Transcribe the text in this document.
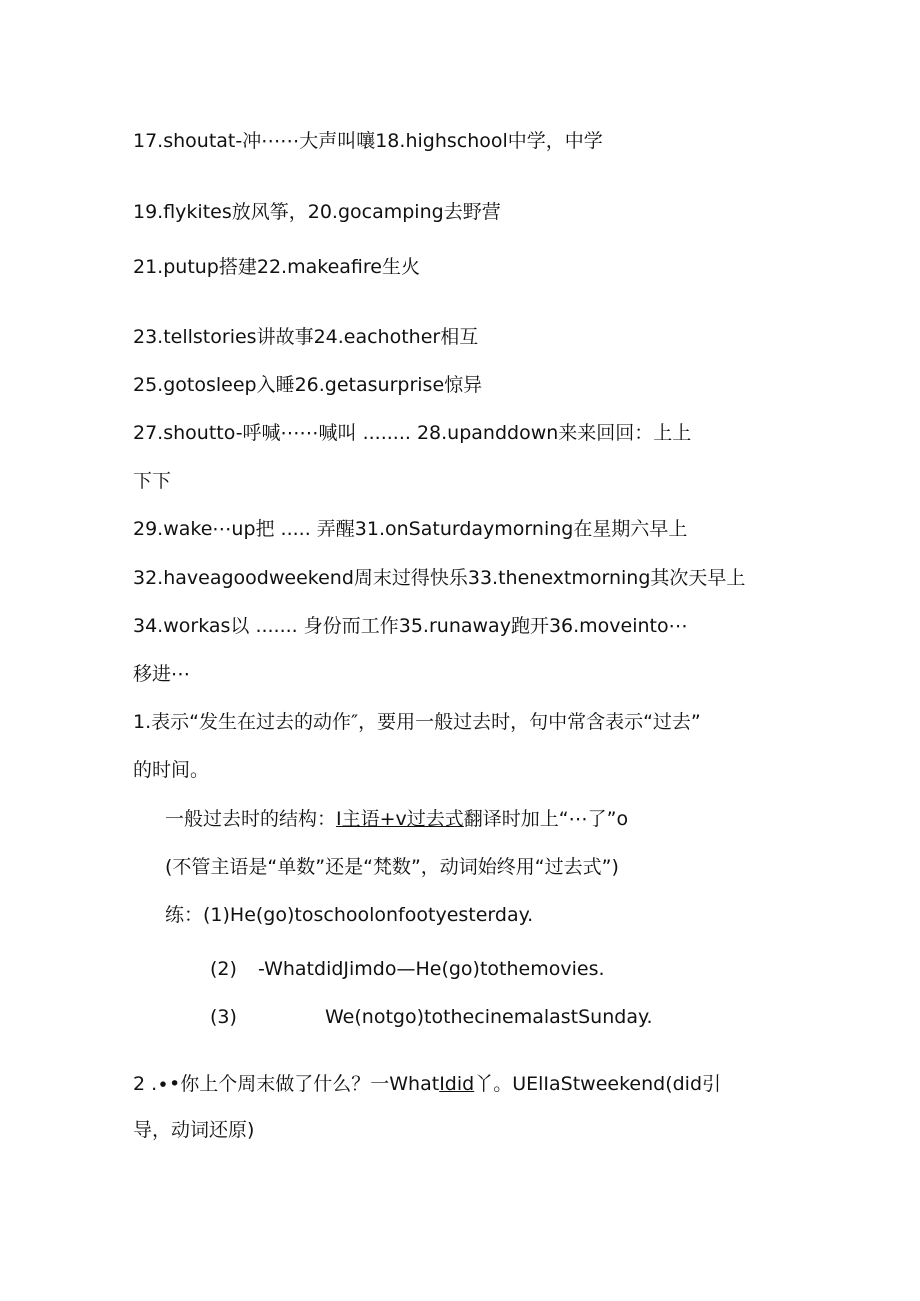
17.shoutat-冲⋯⋯大声叫嚷18.highschool中学，中学

19.flykites放风筝，20.gocamping去野营

21.putup搭建22.makeafire生火

23.tellstories讲故事24.eachother相互

25.gotosleep入睡26.getasurprise惊异

27.shoutto-呼喊⋯⋯喊叫 ........ 28.upanddown来来回回：上上

下下

29.wake⋯up把 ..... 弄醒31.onSaturdaymorning在星期六早上

32.haveagoodweekend周末过得快乐33.thenextmorning其次天早上

34.workas以 ....... 身份而工作35.runaway跑开36.moveinto⋯

移进⋯

1.表示“发生在过去的动作″，要用一般过去时，句中常含表示“过去”

的时间。

一般过去时的结构：I主语+v过去式翻译时加上“⋯了”o

(不管主语是“单数”还是“梵数”，动词始终用“过去式”)

练：(1)He(go)toschoolonfootyesterday.

(2) -WhatdidJimdo—He(go)tothemovies.

(3)	We(notgo)tothecinemalastSunday.

2 .∙•你上个周末做了什么？一WhatIdid丫。UElIaStweekend(did引

导，动词还原)
